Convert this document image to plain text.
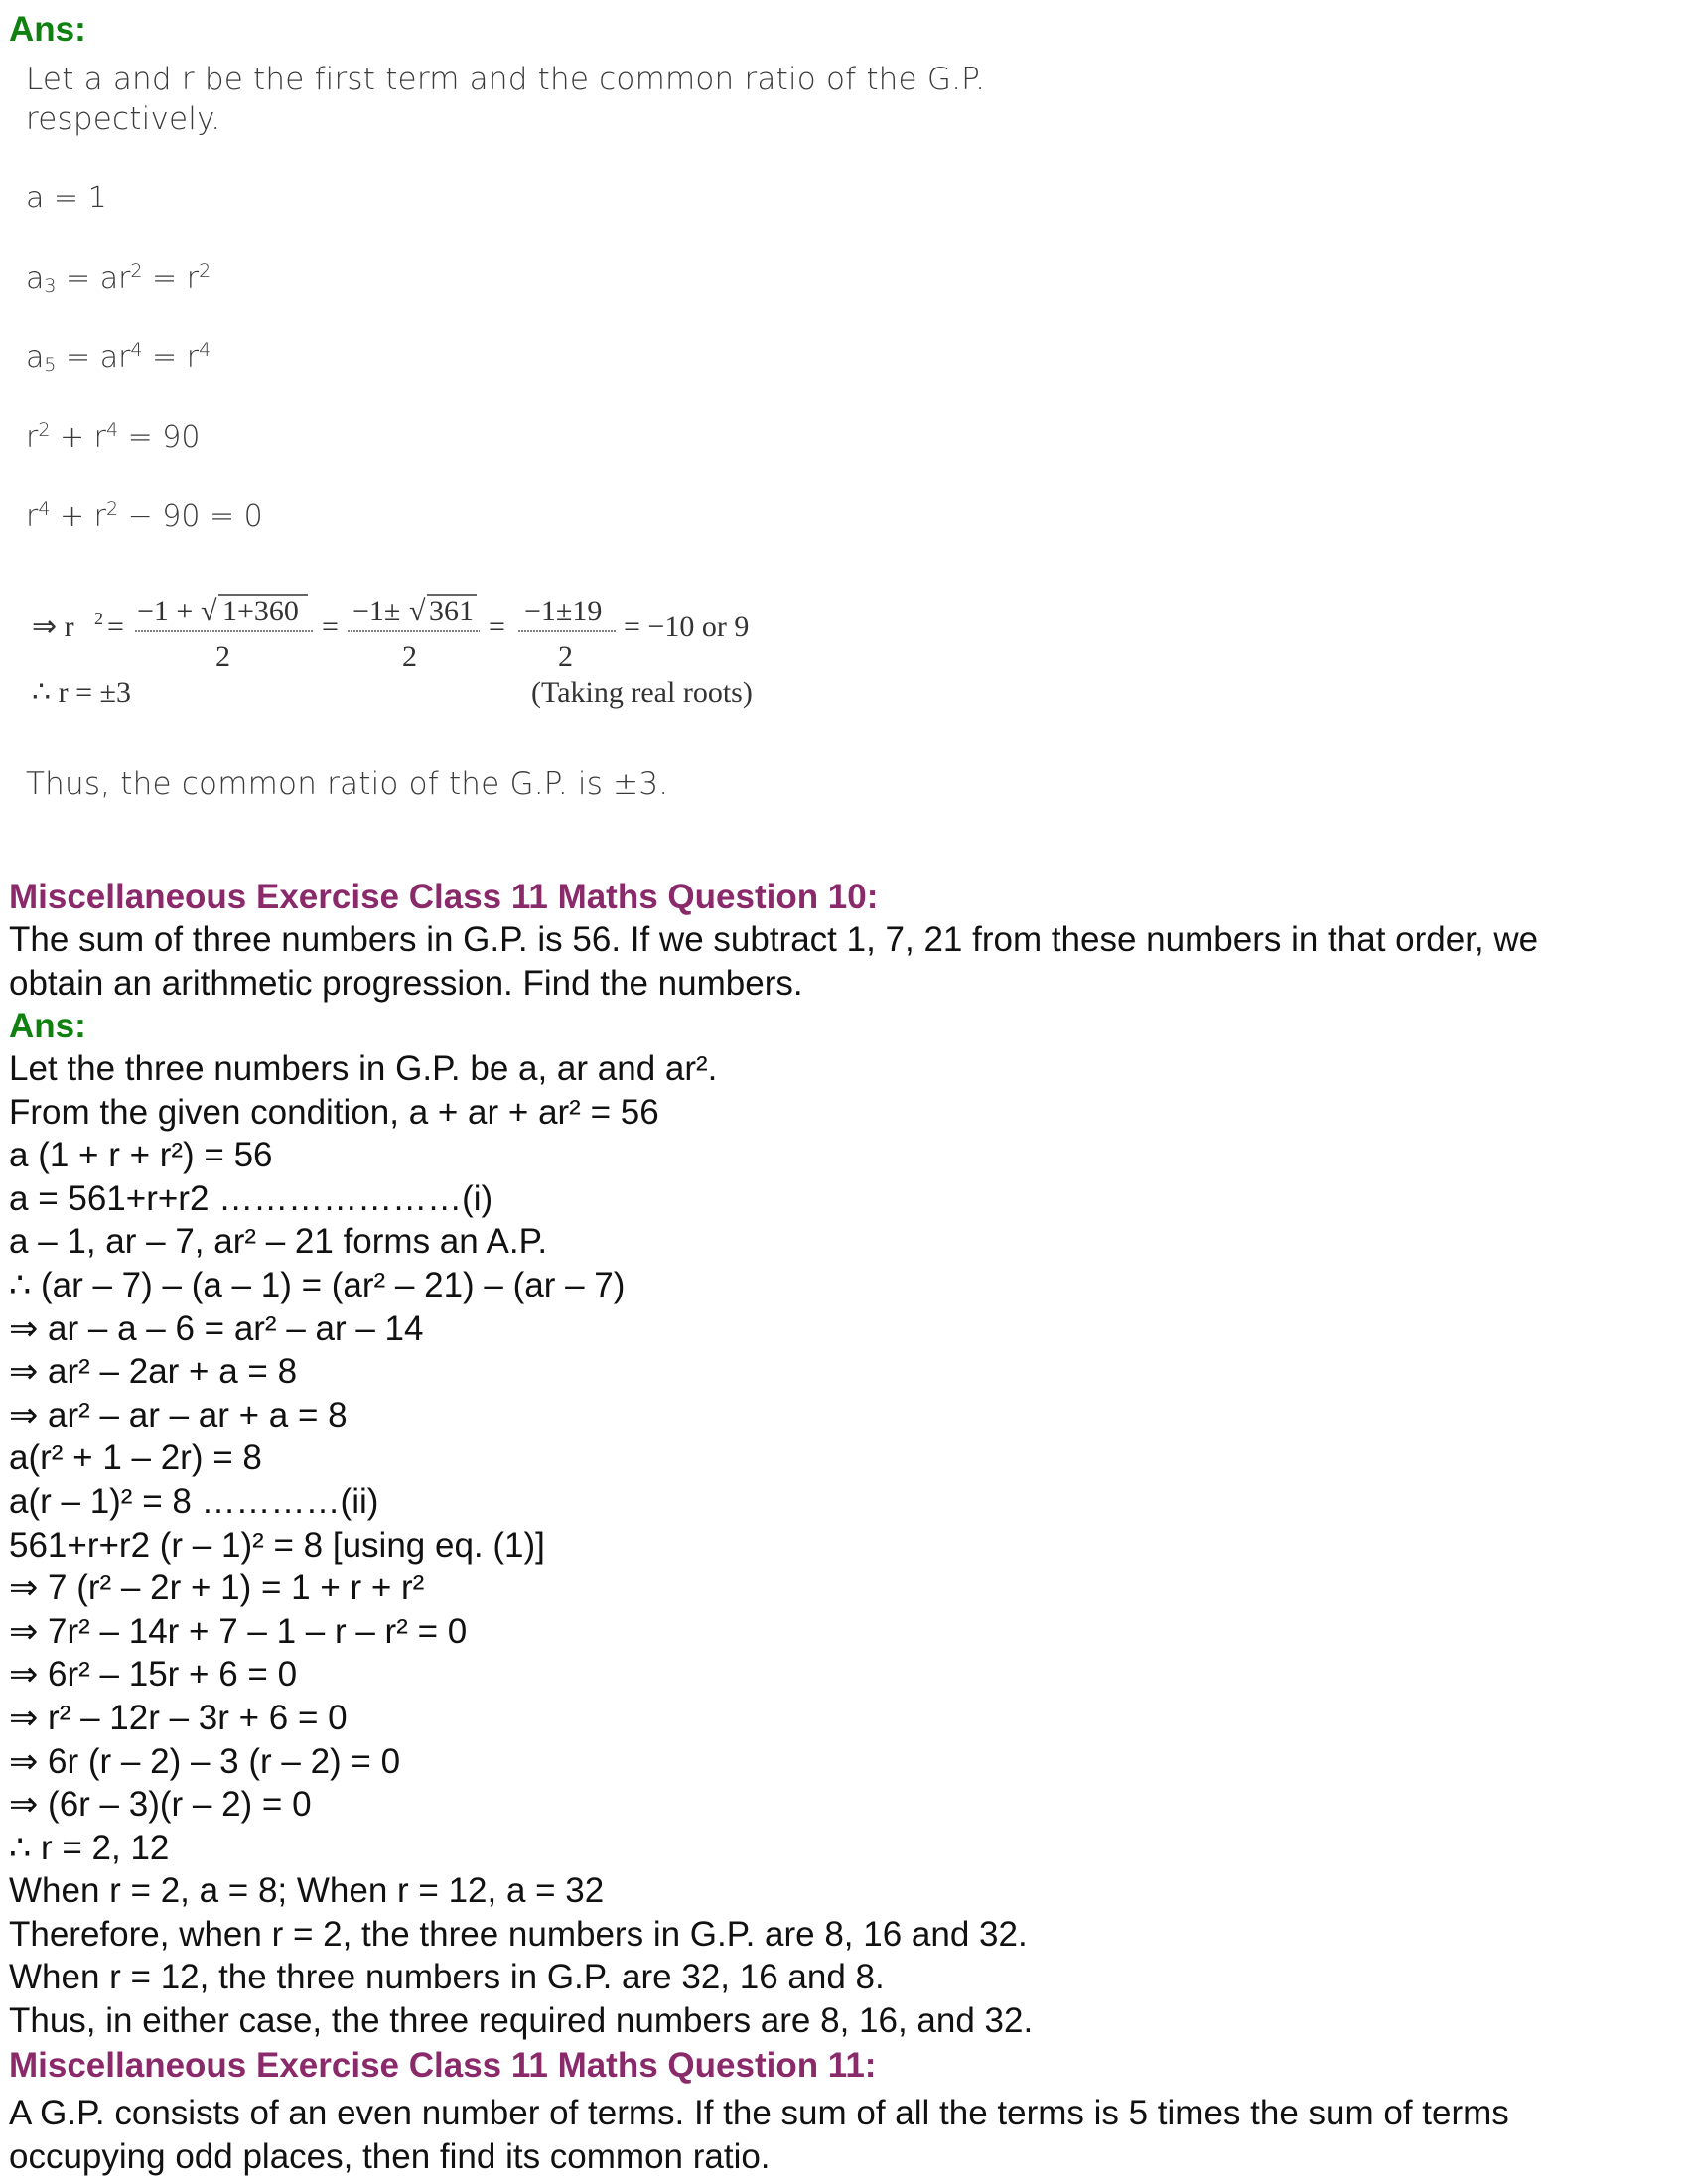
Ans:
Let a and r be the first term and the common ratio of the G.P.
respectively.
a = 1
$a_3 = ar^2 = r^2$
$a_5 = ar^4 = r^4$
$r^2 + r^4 = 90$
$r^4 + r^2 - 90 = 0$
⇒ r 2 = −1 + √ 1+360
2
= −1± √ 361
2
= −1±19
2
= −10 or 9
∴ r = ±3	(Taking real roots)
Thus, the common ratio of the G.P. is ±3.
Miscellaneous Exercise Class 11 Maths Question 10:
The sum of three numbers in G.P. is 56. If we subtract 1, 7, 21 from these numbers in that order, we
obtain an arithmetic progression. Find the numbers.
Ans:
Let the three numbers in G.P. be a, ar and ar².
From the given condition, a + ar + ar² = 56
a (1 + r + r²) = 56
a = 561+r+r2 …………………(i)
a – 1, ar – 7, ar² – 21 forms an A.P.
∴ (ar – 7) – (a – 1) = (ar² – 21) – (ar – 7)
⇒ ar – a – 6 = ar² – ar – 14
⇒ ar² – 2ar + a = 8
⇒ ar² – ar – ar + a = 8
a(r² + 1 – 2r) = 8
a(r – 1)² = 8 …………(ii)
561+r+r2 (r – 1)² = 8 [using eq. (1)]
⇒ 7 (r² – 2r + 1) = 1 + r + r²
⇒ 7r² – 14r + 7 – 1 – r – r² = 0
⇒ 6r² – 15r + 6 = 0
⇒ r² – 12r – 3r + 6 = 0
⇒ 6r (r – 2) – 3 (r – 2) = 0
⇒ (6r – 3)(r – 2) = 0
∴ r = 2, 12
When r = 2, a = 8; When r = 12, a = 32
Therefore, when r = 2, the three numbers in G.P. are 8, 16 and 32.
When r = 12, the three numbers in G.P. are 32, 16 and 8.
Thus, in either case, the three required numbers are 8, 16, and 32.
Miscellaneous Exercise Class 11 Maths Question 11:
A G.P. consists of an even number of terms. If the sum of all the terms is 5 times the sum of terms
occupying odd places, then find its common ratio.
